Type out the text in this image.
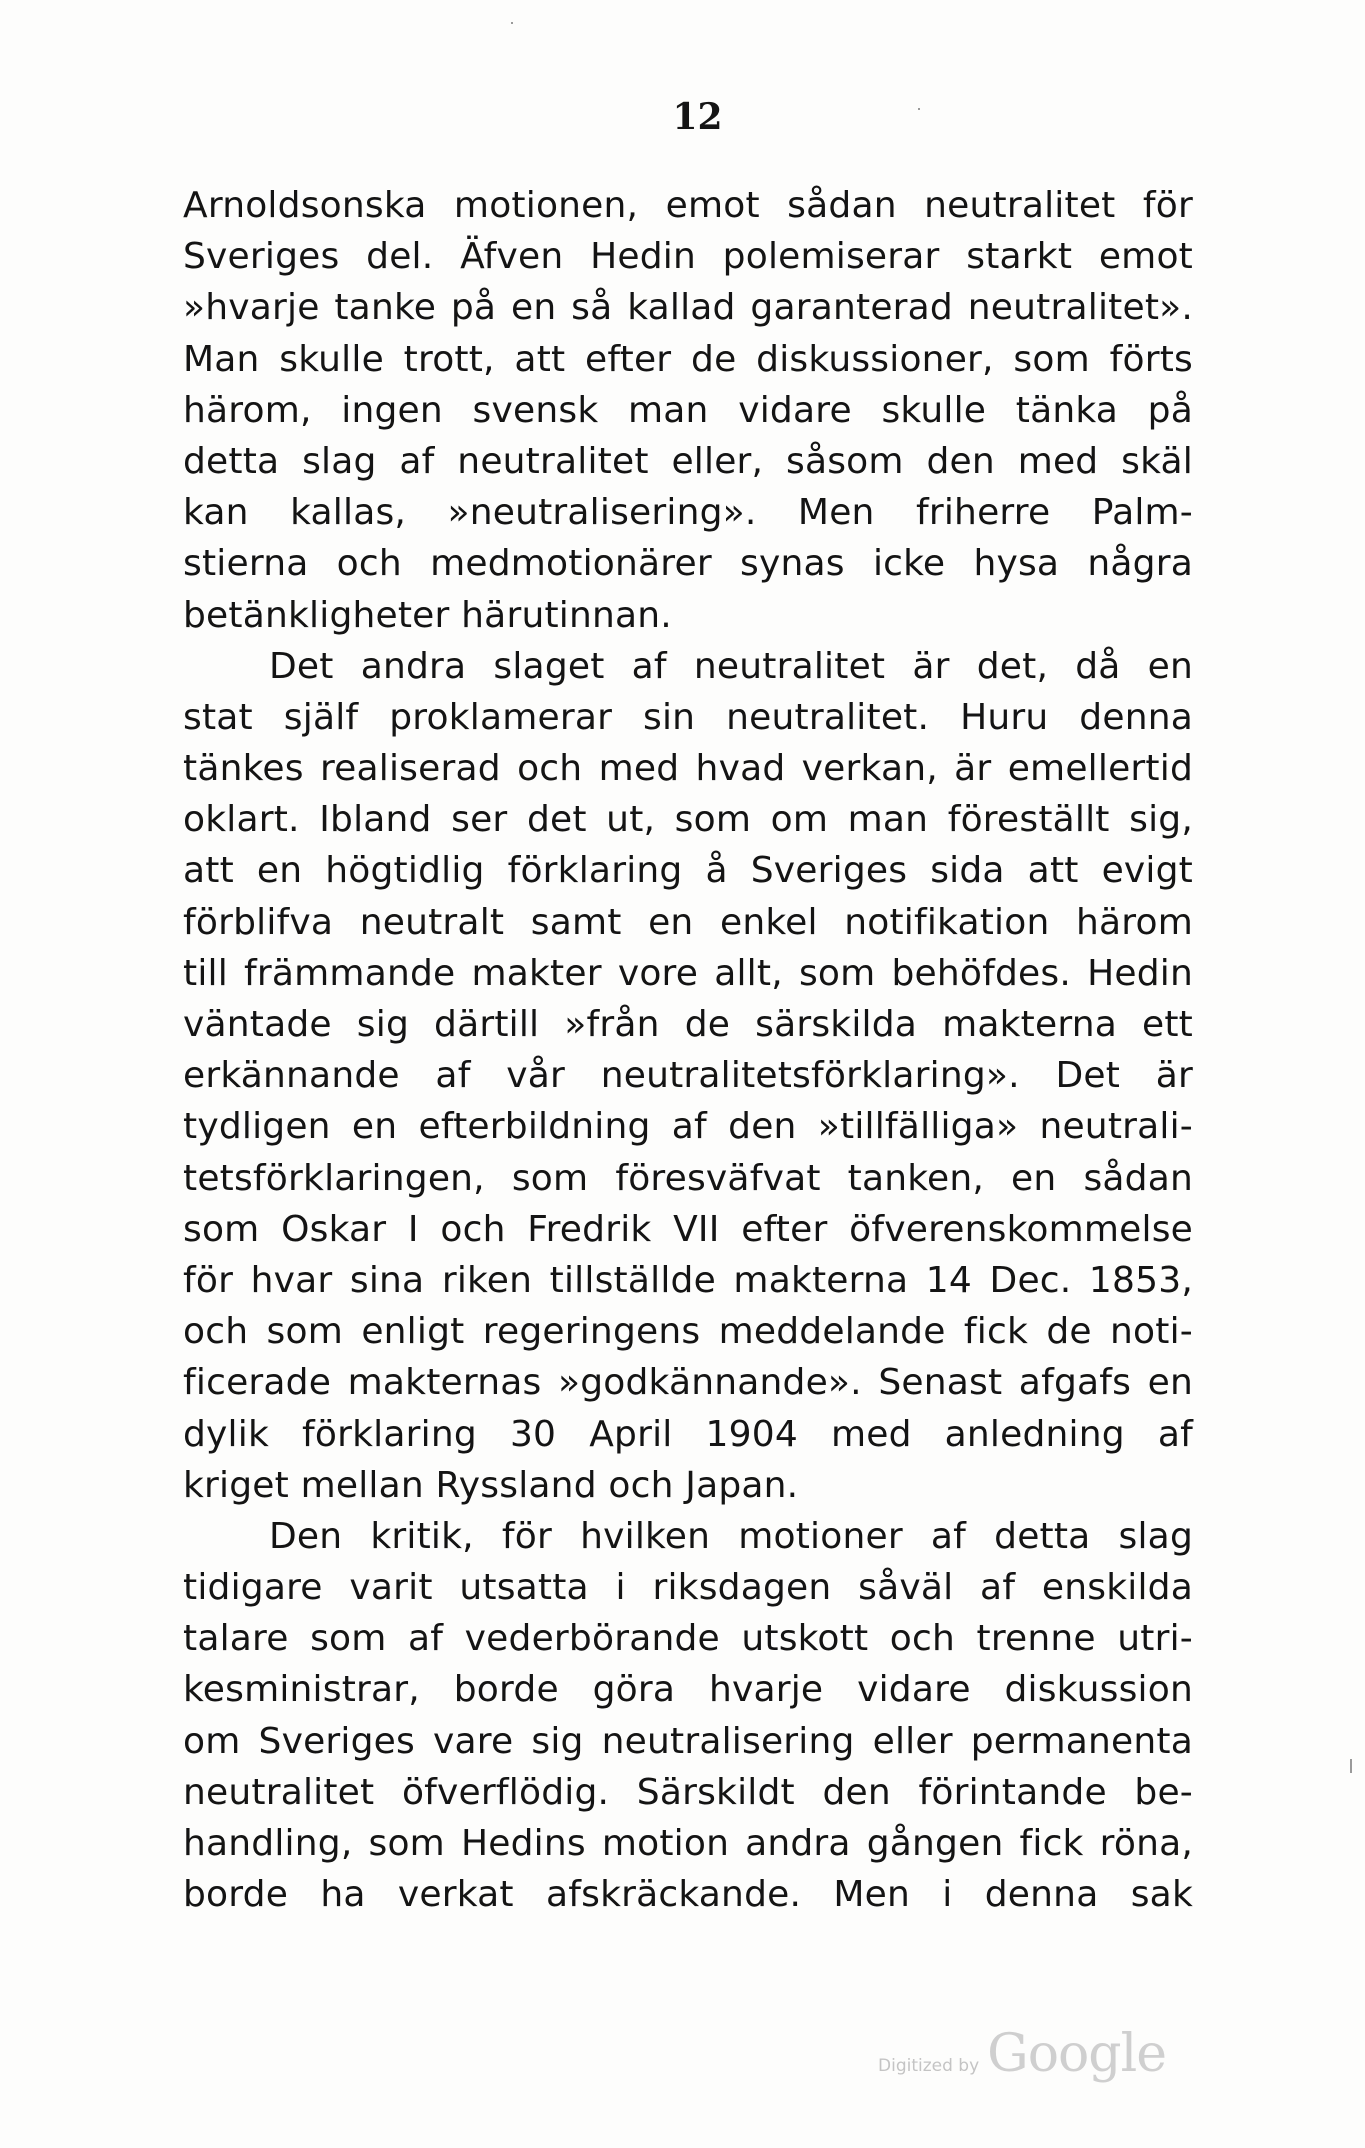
12
Arnoldsonska motionen, emot sådan neutralitet för
Sveriges del. Äfven Hedin polemiserar starkt emot
»hvarje tanke på en så kallad garanterad neutralitet».
Man skulle trott, att efter de diskussioner, som förts
härom, ingen svensk man vidare skulle tänka på
detta slag af neutralitet eller, såsom den med skäl
kan kallas, »neutralisering». Men friherre Palm-
stierna och medmotionärer synas icke hysa några
betänkligheter härutinnan.
Det andra slaget af neutralitet är det, då en
stat själf proklamerar sin neutralitet. Huru denna
tänkes realiserad och med hvad verkan, är emellertid
oklart. Ibland ser det ut, som om man föreställt sig,
att en högtidlig förklaring å Sveriges sida att evigt
förblifva neutralt samt en enkel notifikation härom
till främmande makter vore allt, som behöfdes. Hedin
väntade sig därtill »från de särskilda makterna ett
erkännande af vår neutralitetsförklaring». Det är
tydligen en efterbildning af den »tillfälliga» neutrali-
tetsförklaringen, som föresväfvat tanken, en sådan
som Oskar I och Fredrik VII efter öfverenskommelse
för hvar sina riken tillställde makterna 14 Dec. 1853,
och som enligt regeringens meddelande fick de noti-
ficerade makternas »godkännande». Senast afgafs en
dylik förklaring 30 April 1904 med anledning af
kriget mellan Ryssland och Japan.
Den kritik, för hvilken motioner af detta slag
tidigare varit utsatta i riksdagen såväl af enskilda
talare som af vederbörande utskott och trenne utri-
kesministrar, borde göra hvarje vidare diskussion
om Sveriges vare sig neutralisering eller permanenta
neutralitet öfverflödig. Särskildt den förintande be-
handling, som Hedins motion andra gången fick röna,
borde ha verkat afskräckande. Men i denna sak
Digitized by Google
